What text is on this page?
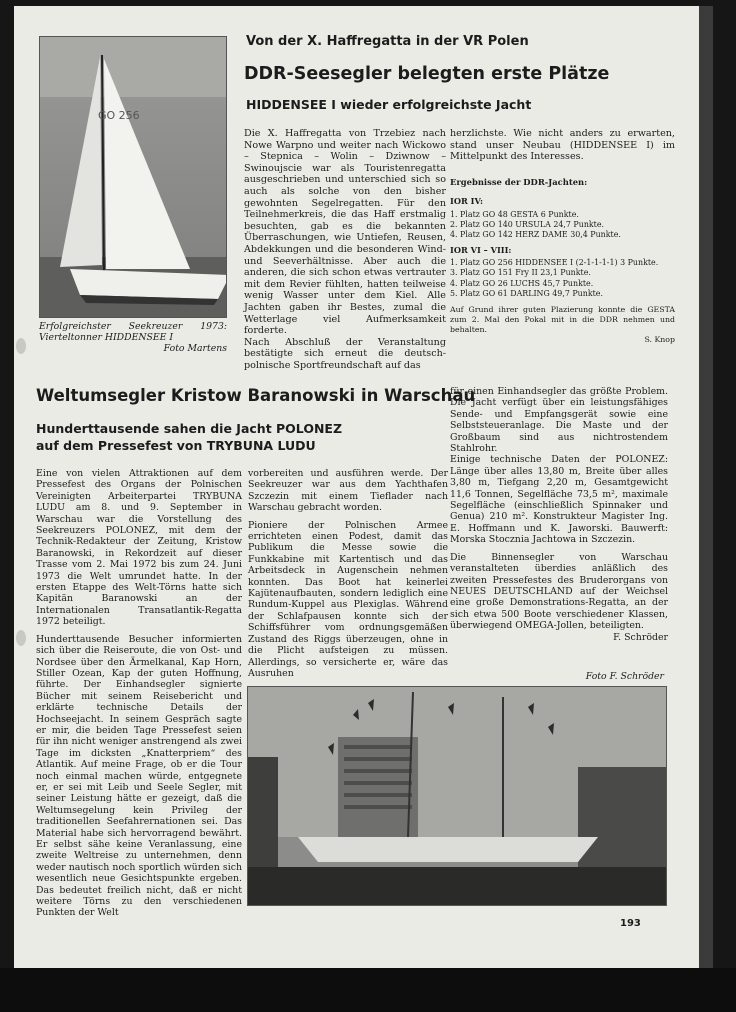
GO 256
Erfolgreichster Seekreuzer 1973: Vierteltonner HIDDENSEE I
Foto Martens
Von der X. Haffregatta in der VR Polen
DDR-Seesegler belegten erste Plätze
HIDDENSEE I wieder erfolgreichste Jacht

Die X. Haffregatta von Trzebiez nach Nowe Warpno und weiter nach Wickowo – Stepnica – Wolin – Dziwnow – Swinoujscie war als Touristenregatta ausgeschrieben und unterschied sich so auch als solche von den bisher gewohnten Segelregatten. Für den Teilnehmerkreis, die das Haff erstmalig besuchten, gab es die bekannten Überraschungen, wie Untiefen, Reusen, Abdekkungen und die besonderen Wind- und Seeverhältnisse. Aber auch die anderen, die sich schon etwas vertrauter mit dem Revier fühlten, hatten teilweise wenig Wasser unter dem Kiel. Alle Jachten gaben ihr Bestes, zumal die Wetterlage viel Aufmerksamkeit forderte.

Nach Abschluß der Veranstaltung bestätigte sich erneut die deutsch-polnische Sportfreundschaft auf das

herzlichste. Wie nicht anders zu erwarten, stand unser Neubau (HIDDENSEE I) im Mittelpunkt des Interesses.

Ergebnisse der DDR-Jachten:
IOR IV:
1. Platz GO 48 GESTA 6 Punkte.
2. Platz GO 140 URSULA 24,7 Punkte.
4. Platz GO 142 HERZ DAME 30,4 Punkte.
IOR VI – VIII:
1. Platz GO 256 HIDDENSEE I (2-1-1-1-1) 3 Punkte.
3. Platz GO 151 Fry II 23,1 Punkte.
4. Platz GO 26 LUCHS 45,7 Punkte.
5. Platz GO 61 DARLING 49,7 Punkte.
Auf Grund ihrer guten Plazierung konnte die GESTA zum 2. Mal den Pokal mit in die DDR nehmen und behalten.
S. Knop
Weltumsegler Kristow Baranowski in Warschau
Hunderttausende sahen die Jacht POLONEZ
auf dem Pressefest von TRYBUNA LUDU

Eine von vielen Attraktionen auf dem Pressefest des Organs der Polnischen Vereinigten Arbeiterpartei TRYBUNA LUDU am 8. und 9. September in Warschau war die Vorstellung des Seekreuzers POLONEZ, mit dem der Technik-Redakteur der Zeitung, Kristow Baranowski, in Rekordzeit auf dieser Trasse vom 2. Mai 1972 bis zum 24. Juni 1973 die Welt umrundet hatte. In der ersten Etappe des Welt-Törns hatte sich Kapitän Baranowski an der Internationalen Transatlantik-Regatta 1972 beteiligt.

Hunderttausende Besucher informierten sich über die Reiseroute, die von Ost- und Nordsee über den Ärmelkanal, Kap Horn, Stiller Ozean, Kap der guten Hoffnung, führte. Der Einhandsegler signierte Bücher mit seinem Reisebericht und erklärte technische Details der Hochseejacht. In seinem Gespräch sagte er mir, die beiden Tage Pressefest seien für ihn nicht weniger anstrengend als zwei Tage im dicksten „Knatterpriem“ des Atlantik. Auf meine Frage, ob er die Tour noch einmal machen würde, entgegnete er, er sei mit Leib und Seele Segler, mit seiner Leistung hätte er gezeigt, daß die Weltumsegelung kein Privileg der traditionellen Seefahrernationen sei. Das Material habe sich hervorragend bewährt. Er selbst sähe keine Veranlassung, eine zweite Weltreise zu unternehmen, denn weder nautisch noch sportlich würden sich wesentlich neue Gesichtspunkte ergeben. Das bedeutet freilich nicht, daß er nicht weitere Törns zu den verschiedenen Punkten der Welt

vorbereiten und ausführen werde. Der Seekreuzer war aus dem Yachthafen Szczezin mit einem Tieflader nach Warschau gebracht worden.

Pioniere der Polnischen Armee errichteten einen Podest, damit das Publikum die Messe sowie die Funkkabine mit Kartentisch und das Arbeitsdeck in Augenschein nehmen konnten. Das Boot hat keinerlei Kajütenaufbauten, sondern lediglich eine Rundum-Kuppel aus Plexiglas. Während der Schlafpausen konnte sich der Schiffsführer vom ordnungsgemäßen Zustand des Riggs überzeugen, ohne in die Plicht aufsteigen zu müssen. Allerdings, so versicherte er, wäre das Ausruhen

für einen Einhandsegler das größte Problem. Die Jacht verfügt über ein leistungsfähiges Sende- und Empfangsgerät sowie eine Selbststeueranlage. Die Maste und der Großbaum sind aus nichtrostendem Stahlrohr.

Einige technische Daten der POLONEZ: Länge über alles 13,80 m, Breite über alles 3,80 m, Tiefgang 2,20 m, Gesamtgewicht 11,6 Tonnen, Segelfläche 73,5 m², maximale Segelfläche (einschließlich Spinnaker und Genua) 210 m². Konstrukteur Magister Ing. E. Hoffmann und K. Jaworski. Bauwerft: Morska Stocznia Jachtowa in Szczezin.

Die Binnensegler von Warschau veranstalteten überdies anläßlich des zweiten Pressefestes des Bruderorgans von NEUES DEUTSCHLAND auf der Weichsel eine große Demonstrations-Regatta, an der sich etwa 500 Boote verschiedener Klassen, überwiegend OMEGA-Jollen, beteiligten.

F. Schröder
Foto F. Schröder
193
